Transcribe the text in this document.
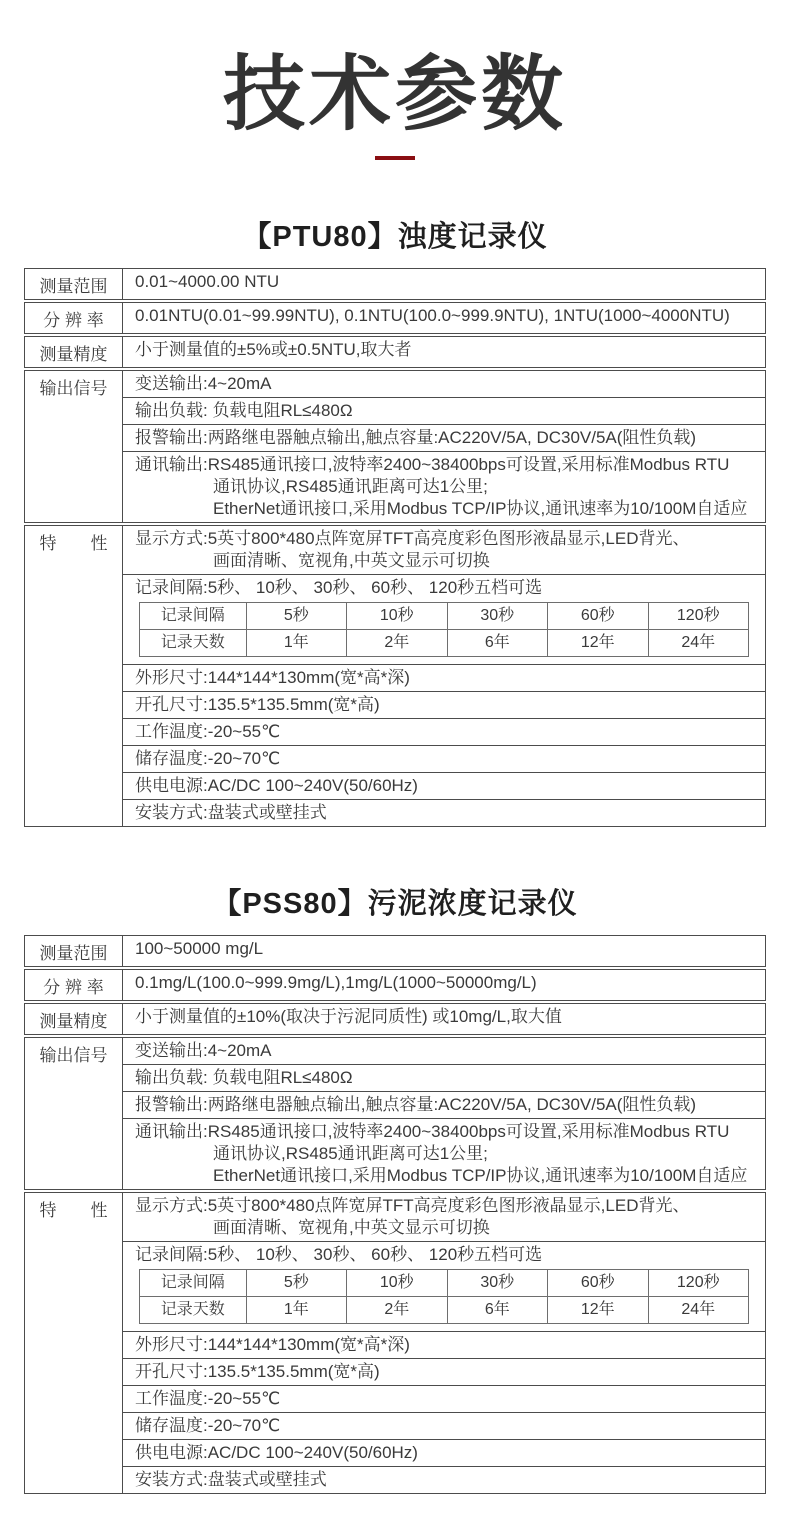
技术参数
【PTU80】浊度记录仪
测量范围	0.01~4000.00 NTU
分 辨 率	0.01NTU(0.01~99.99NTU), 0.1NTU(100.0~999.9NTU), 1NTU(1000~4000NTU)
测量精度	小于测量值的±5%或±0.5NTU,取大者
输出信号	变送输出:4~20mA
输出负载: 负载电阻RL≤480Ω
报警输出:两路继电器触点输出,触点容量:AC220V/5A, DC30V/5A(阻性负载)
通讯输出:RS485通讯接口,波特率2400~38400bps可设置,采用标准Modbus RTU
通讯协议,RS485通讯距离可达1公里;
EtherNet通讯接口,采用Modbus TCP/IP协议,通讯速率为10/100M自适应
特　　性	显示方式:5英寸800*480点阵宽屏TFT高亮度彩色图形液晶显示,LED背光、
画面清晰、宽视角,中英文显示可切换
记录间隔:5秒、 10秒、 30秒、 60秒、 120秒五档可选
记录间隔	5秒	10秒	30秒	60秒	120秒
记录天数	1年	2年	6年	12年	24年
外形尺寸:144*144*130mm(宽*高*深)
开孔尺寸:135.5*135.5mm(宽*高)
工作温度:-20~55℃
储存温度:-20~70℃
供电电源:AC/DC 100~240V(50/60Hz)
安装方式:盘装式或壁挂式
【PSS80】污泥浓度记录仪
测量范围	100~50000 mg/L
分 辨 率	0.1mg/L(100.0~999.9mg/L),1mg/L(1000~50000mg/L)
测量精度	小于测量值的±10%(取决于污泥同质性) 或10mg/L,取大值
输出信号	变送输出:4~20mA
输出负载: 负载电阻RL≤480Ω
报警输出:两路继电器触点输出,触点容量:AC220V/5A, DC30V/5A(阻性负载)
通讯输出:RS485通讯接口,波特率2400~38400bps可设置,采用标准Modbus RTU
通讯协议,RS485通讯距离可达1公里;
EtherNet通讯接口,采用Modbus TCP/IP协议,通讯速率为10/100M自适应
特　　性	显示方式:5英寸800*480点阵宽屏TFT高亮度彩色图形液晶显示,LED背光、
画面清晰、宽视角,中英文显示可切换
记录间隔:5秒、 10秒、 30秒、 60秒、 120秒五档可选
记录间隔	5秒	10秒	30秒	60秒	120秒
记录天数	1年	2年	6年	12年	24年
外形尺寸:144*144*130mm(宽*高*深)
开孔尺寸:135.5*135.5mm(宽*高)
工作温度:-20~55℃
储存温度:-20~70℃
供电电源:AC/DC 100~240V(50/60Hz)
安装方式:盘装式或壁挂式
